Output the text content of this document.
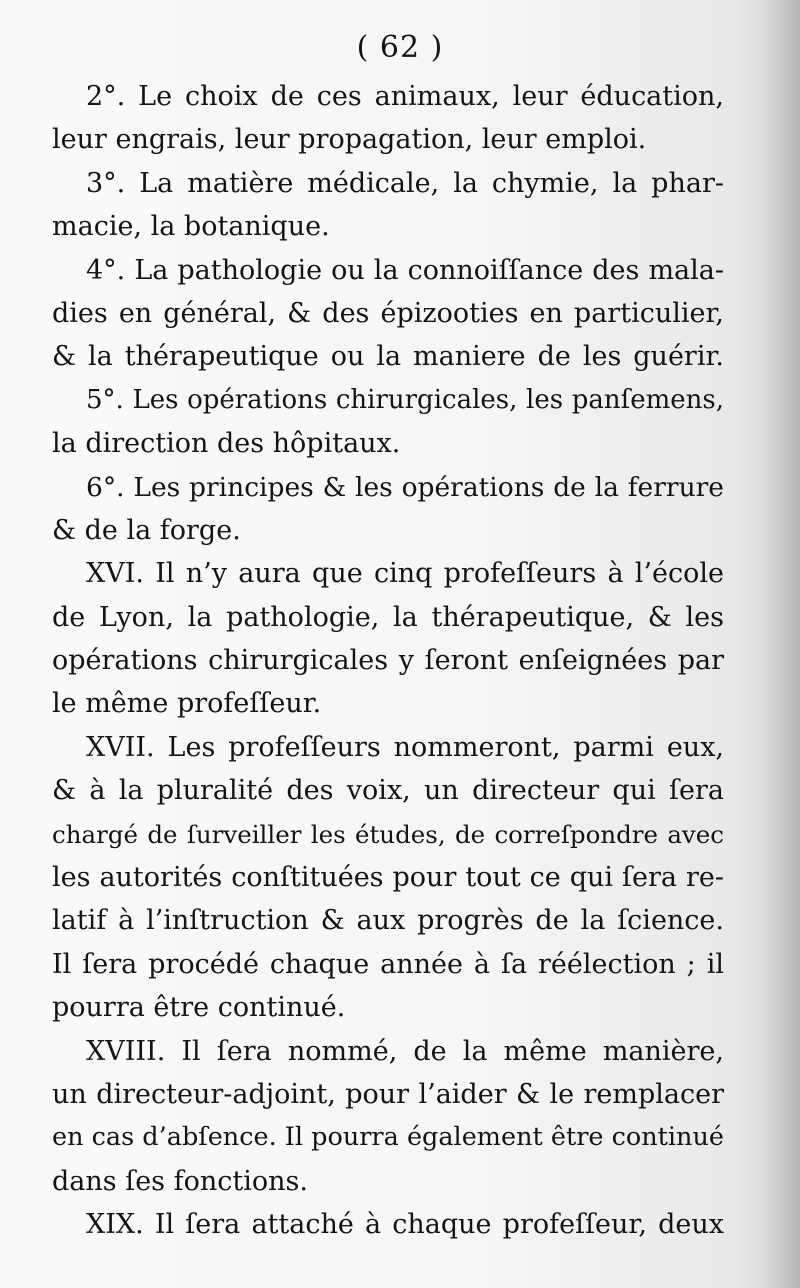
( 62 )
2°. Le choix de ces animaux, leur éducation,
leur engrais, leur propagation, leur emploi.
3°. La matière médicale, la chymie, la phar-
macie, la botanique.
4°. La pathologie ou la connoiſſance des mala-
dies en général, & des épizooties en particulier,
& la thérapeutique ou la maniere de les guérir.
5°. Les opérations chirurgicales, les panſemens,
la direction des hôpitaux.
6°. Les principes & les opérations de la ferrure
& de la forge.
XVI. Il n’y aura que cinq profeſſeurs à l’école
de Lyon, la pathologie, la thérapeutique, & les
opérations chirurgicales y ſeront enſeignées par
le même profeſſeur.
XVII. Les profeſſeurs nommeront, parmi eux,
& à la pluralité des voix, un directeur qui ſera
chargé de ſurveiller les études, de correſpondre avec
les autorités conſtituées pour tout ce qui ſera re-
latif à l’inſtruction & aux progrès de la ſcience.
Il ſera procédé chaque année à ſa réélection ; il
pourra être continué.
XVIII. Il ſera nommé, de la même manière,
un directeur-adjoint, pour l’aider & le remplacer
en cas d’abſence. Il pourra également être continué
dans ſes fonctions.
XIX. Il ſera attaché à chaque profeſſeur, deux
